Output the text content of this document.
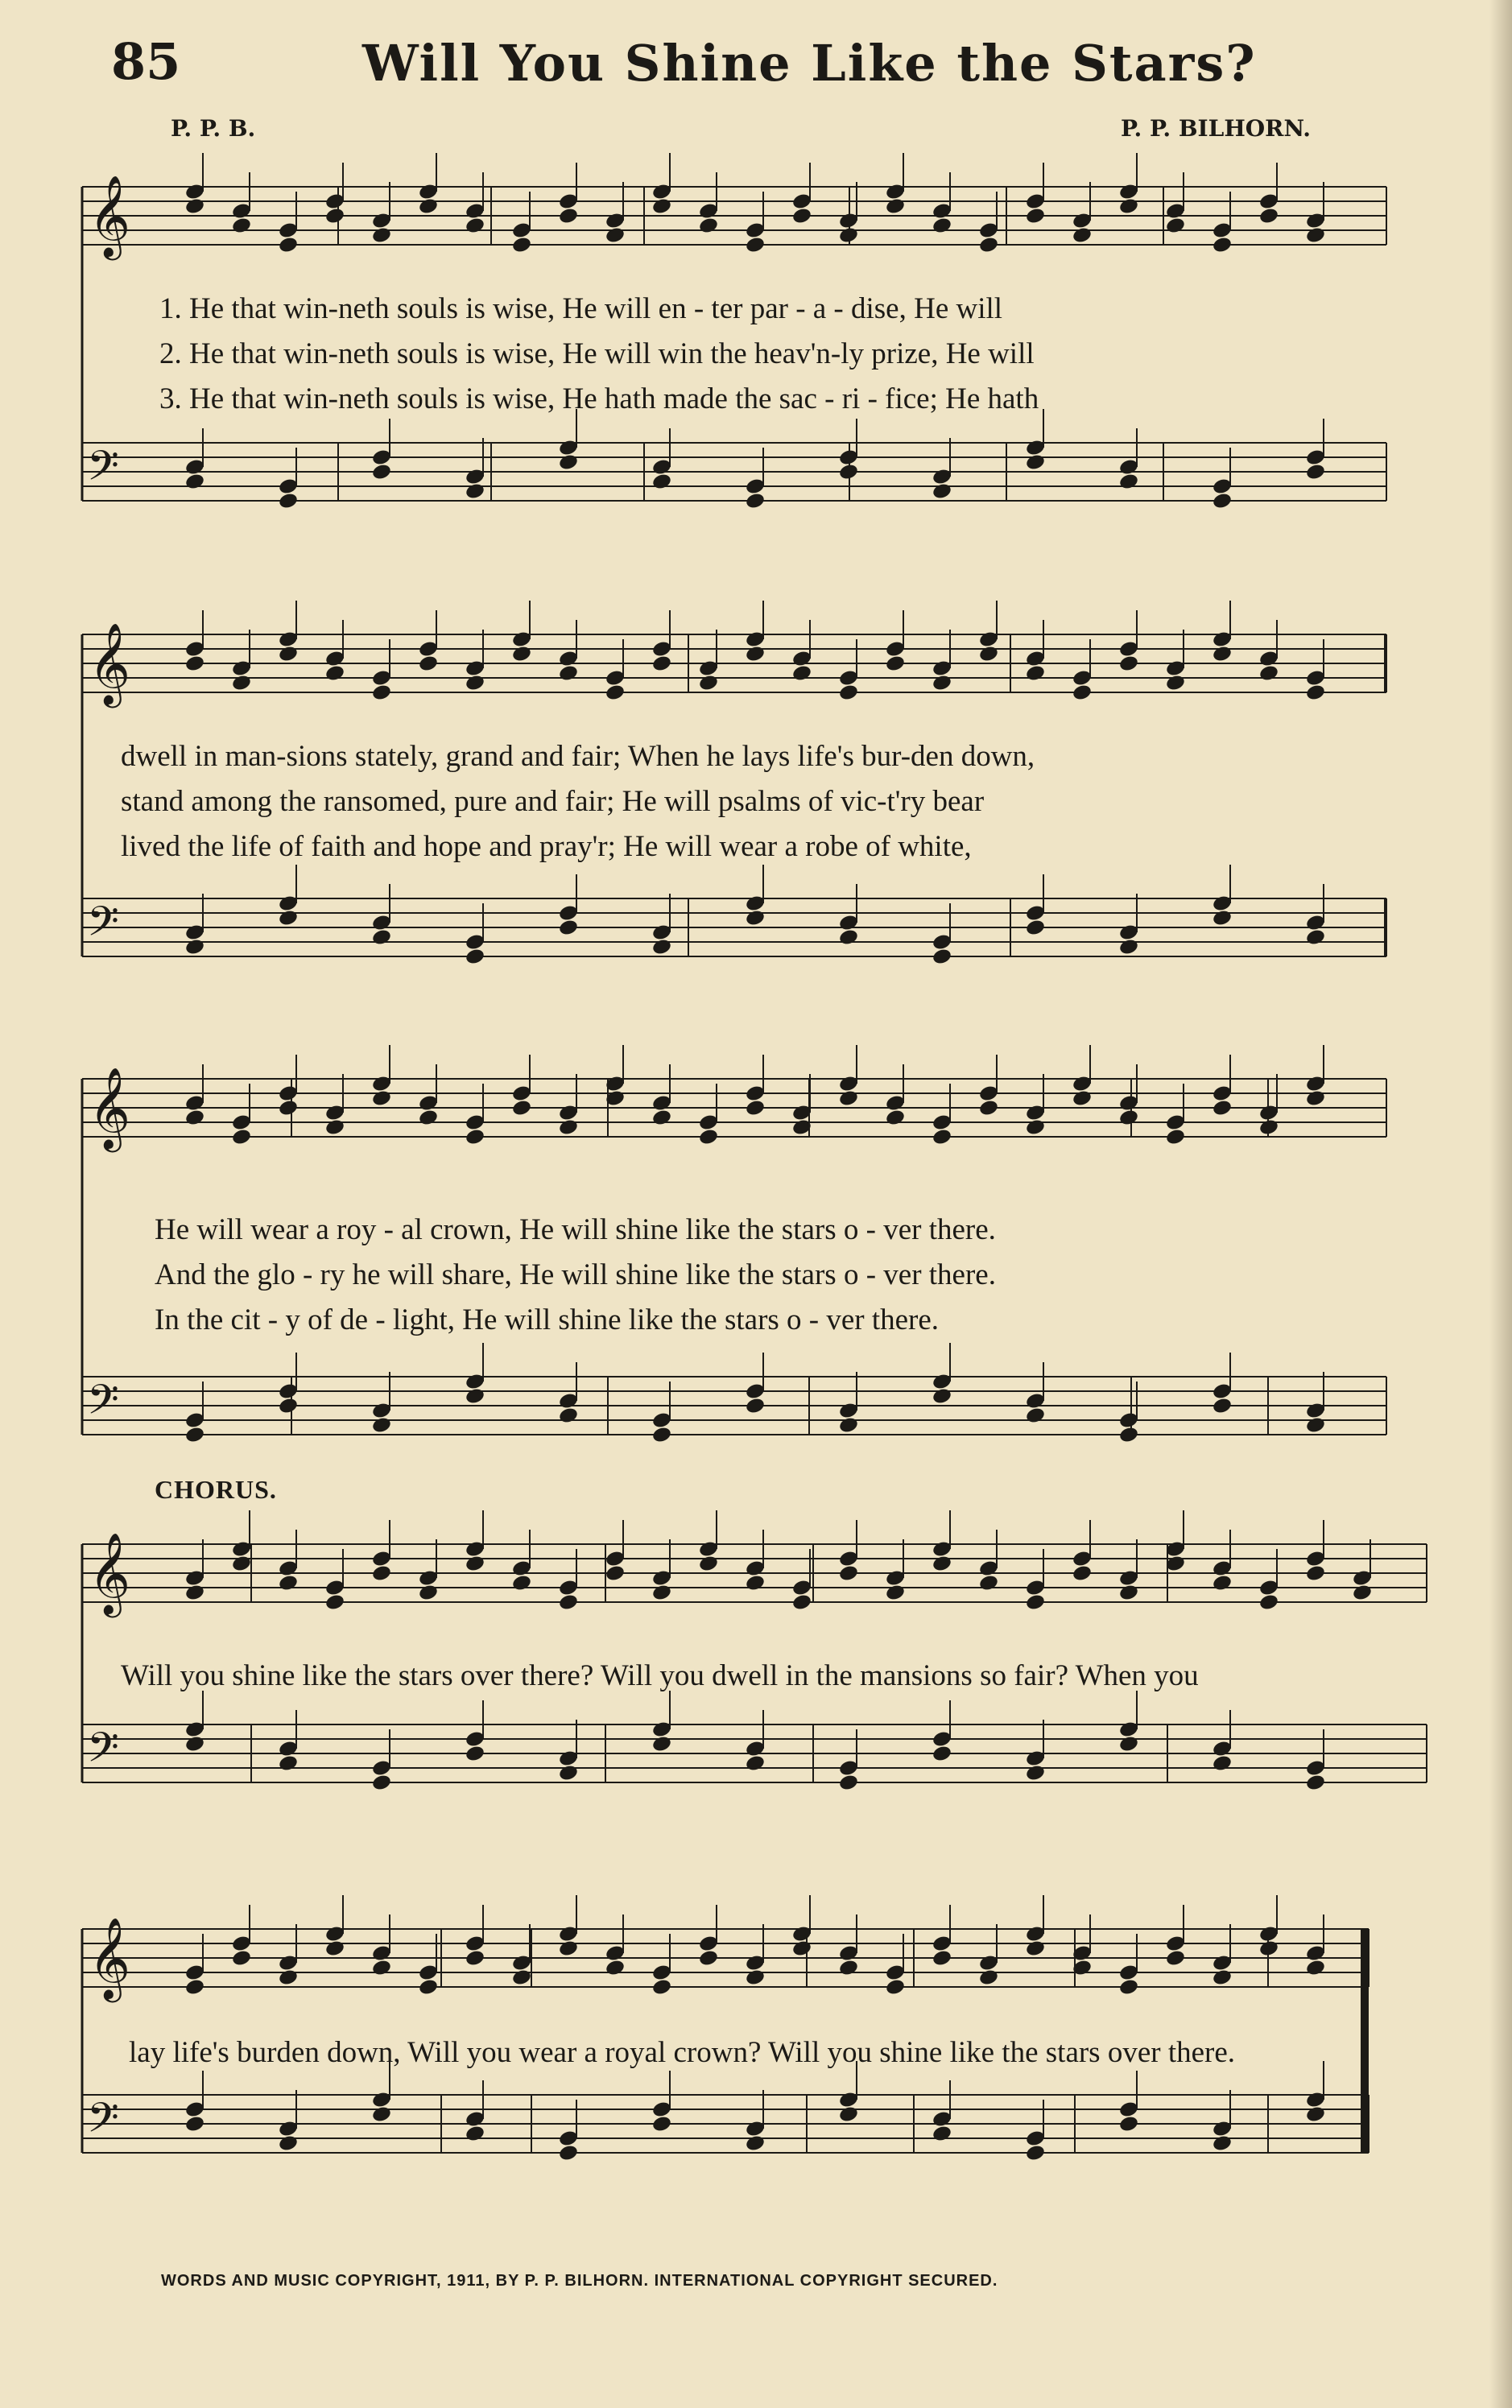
85	Will You Shine Like the Stars?
P. P. B.	P. P. BILHORN.
𝄞
𝄢
𝄞
𝄢
𝄞
𝄢
𝄞
𝄢
𝄞
𝄢
1. He that win-neth souls is wise, He will en - ter par - a - dise, He will
2. He that win-neth souls is wise, He will win the heav'n-ly prize, He will
3. He that win-neth souls is wise, He hath made the sac - ri - fice; He hath
dwell in man-sions stately, grand and fair; When he lays life's bur-den down,
stand among the ransomed, pure and fair; He will psalms of vic-t'ry bear
lived the life of faith and hope and pray'r; He will wear a robe of white,
He will wear a roy - al crown, He will shine like the stars o - ver there.
And the glo - ry he will share, He will shine like the stars o - ver there.
In the cit - y of de - light, He will shine like the stars o - ver there.
CHORUS.
Will you shine like the stars over there? Will you dwell in the mansions so fair? When you
lay life's burden down, Will you wear a royal crown? Will you shine like the stars over there.
WORDS AND MUSIC COPYRIGHT, 1911, BY P. P. BILHORN. INTERNATIONAL COPYRIGHT SECURED.
